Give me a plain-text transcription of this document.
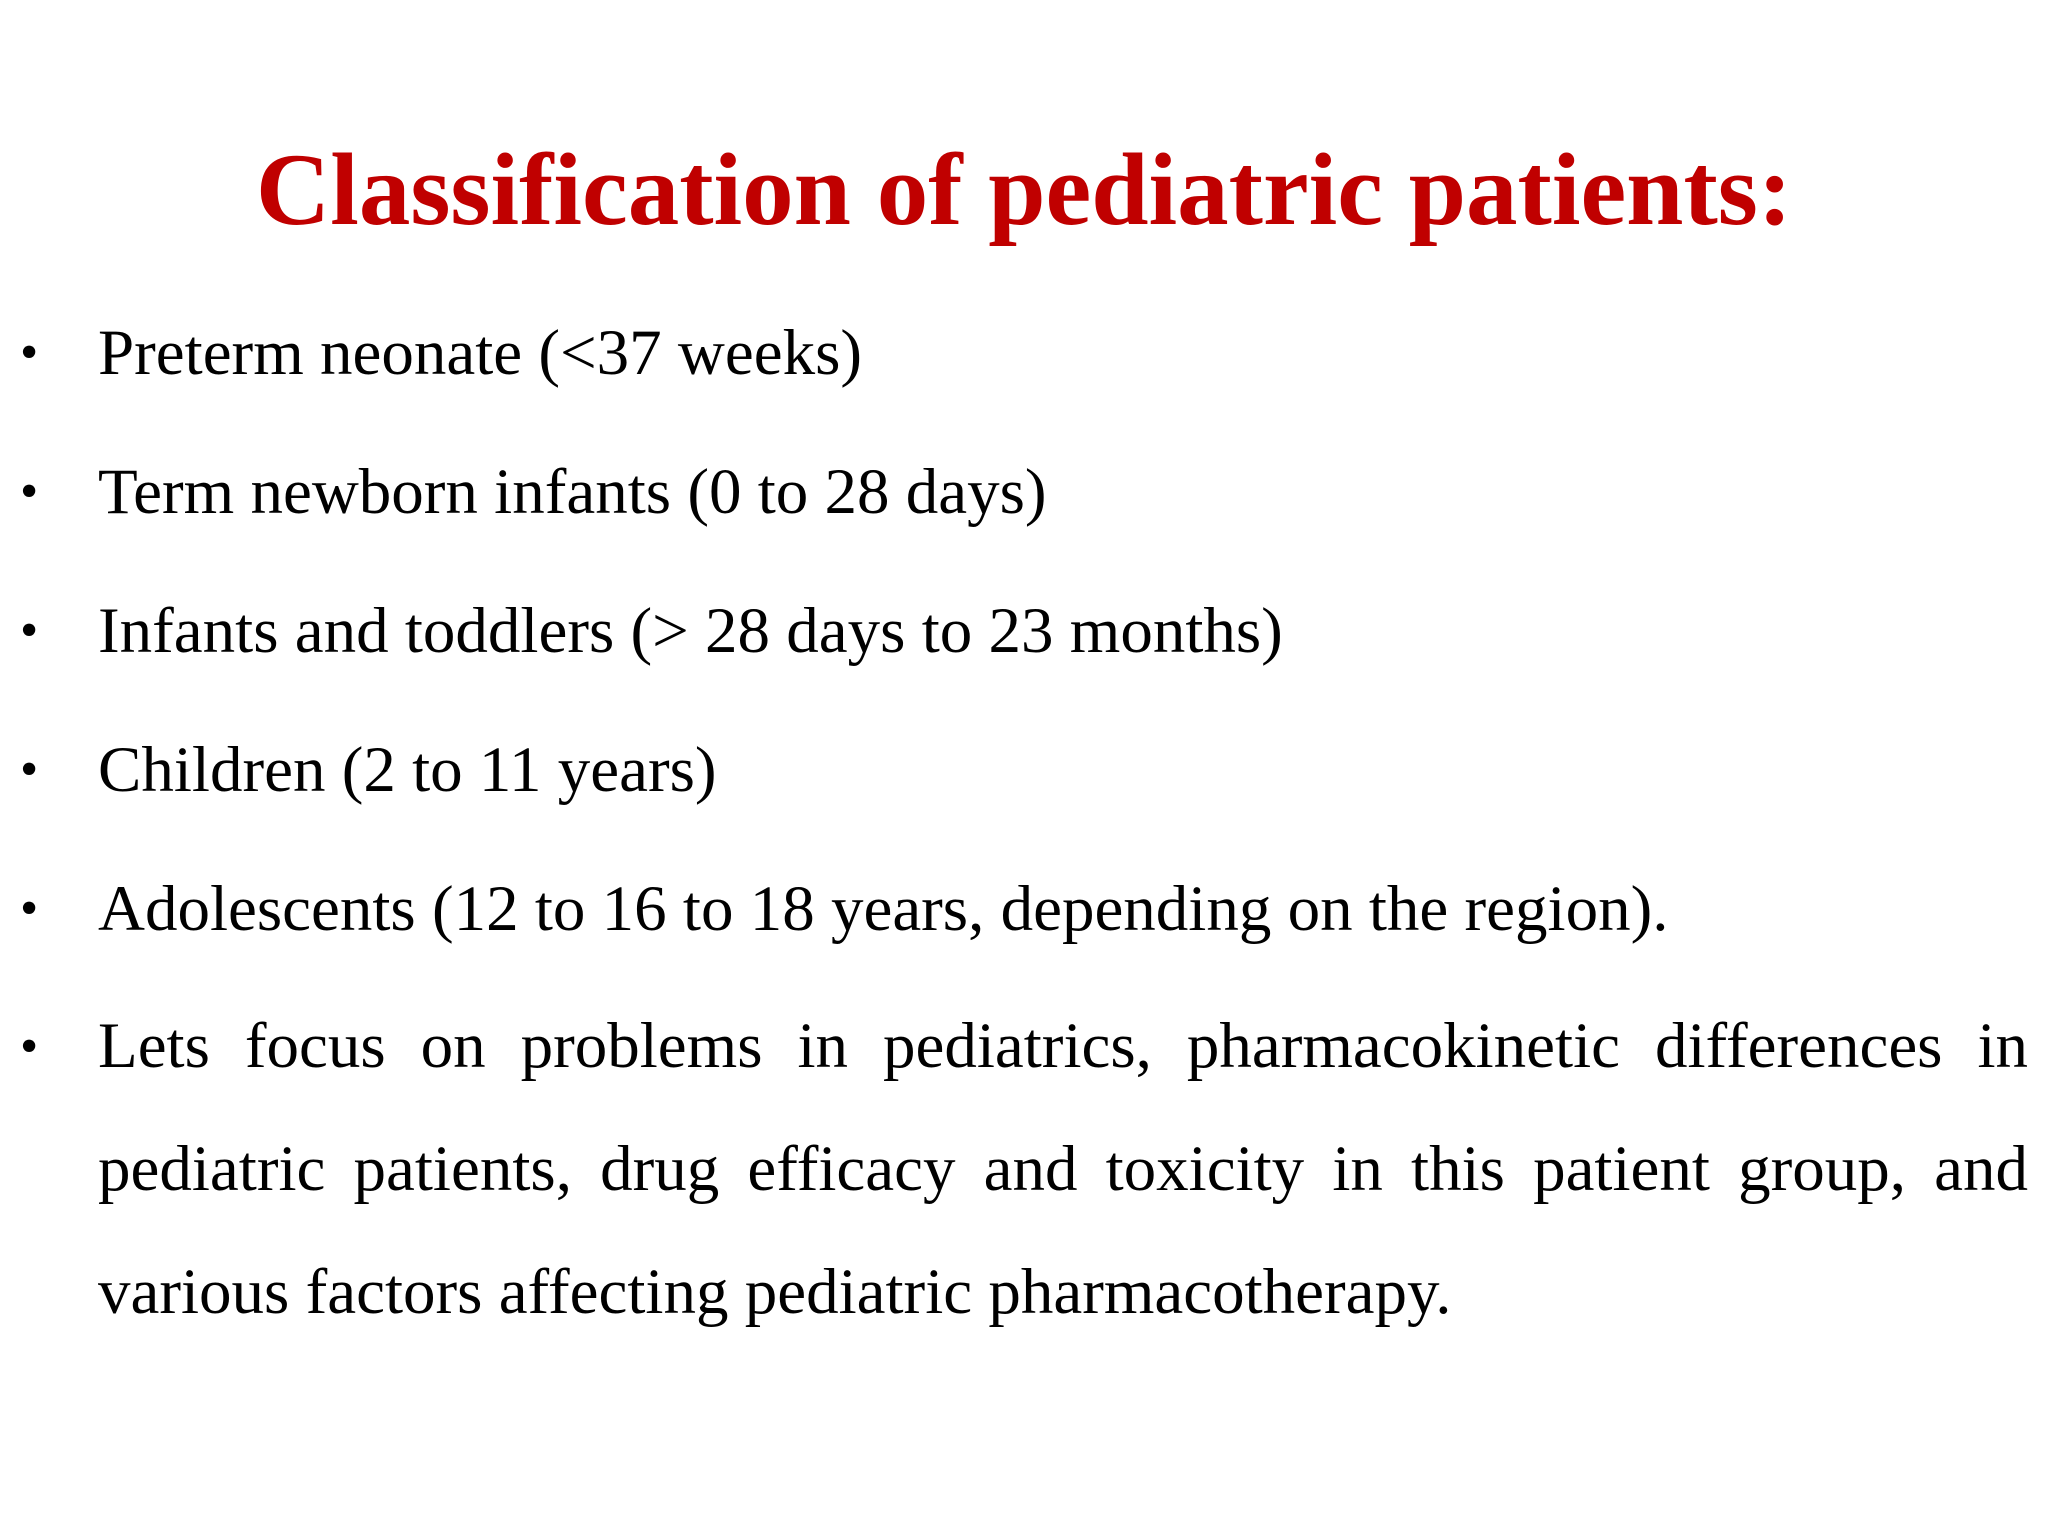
Classification of pediatric patients:
• Preterm neonate (<37 weeks)
• Term newborn infants (0 to 28 days)
• Infants and toddlers (> 28 days to 23 months)
• Children (2 to 11 years)
• Adolescents (12 to 16 to 18 years, depending on the region).
• Lets focus on problems in pediatrics, pharmacokinetic differences in pediatric patients, drug efficacy and toxicity in this patient group, and various factors affecting pediatric pharmacotherapy.
